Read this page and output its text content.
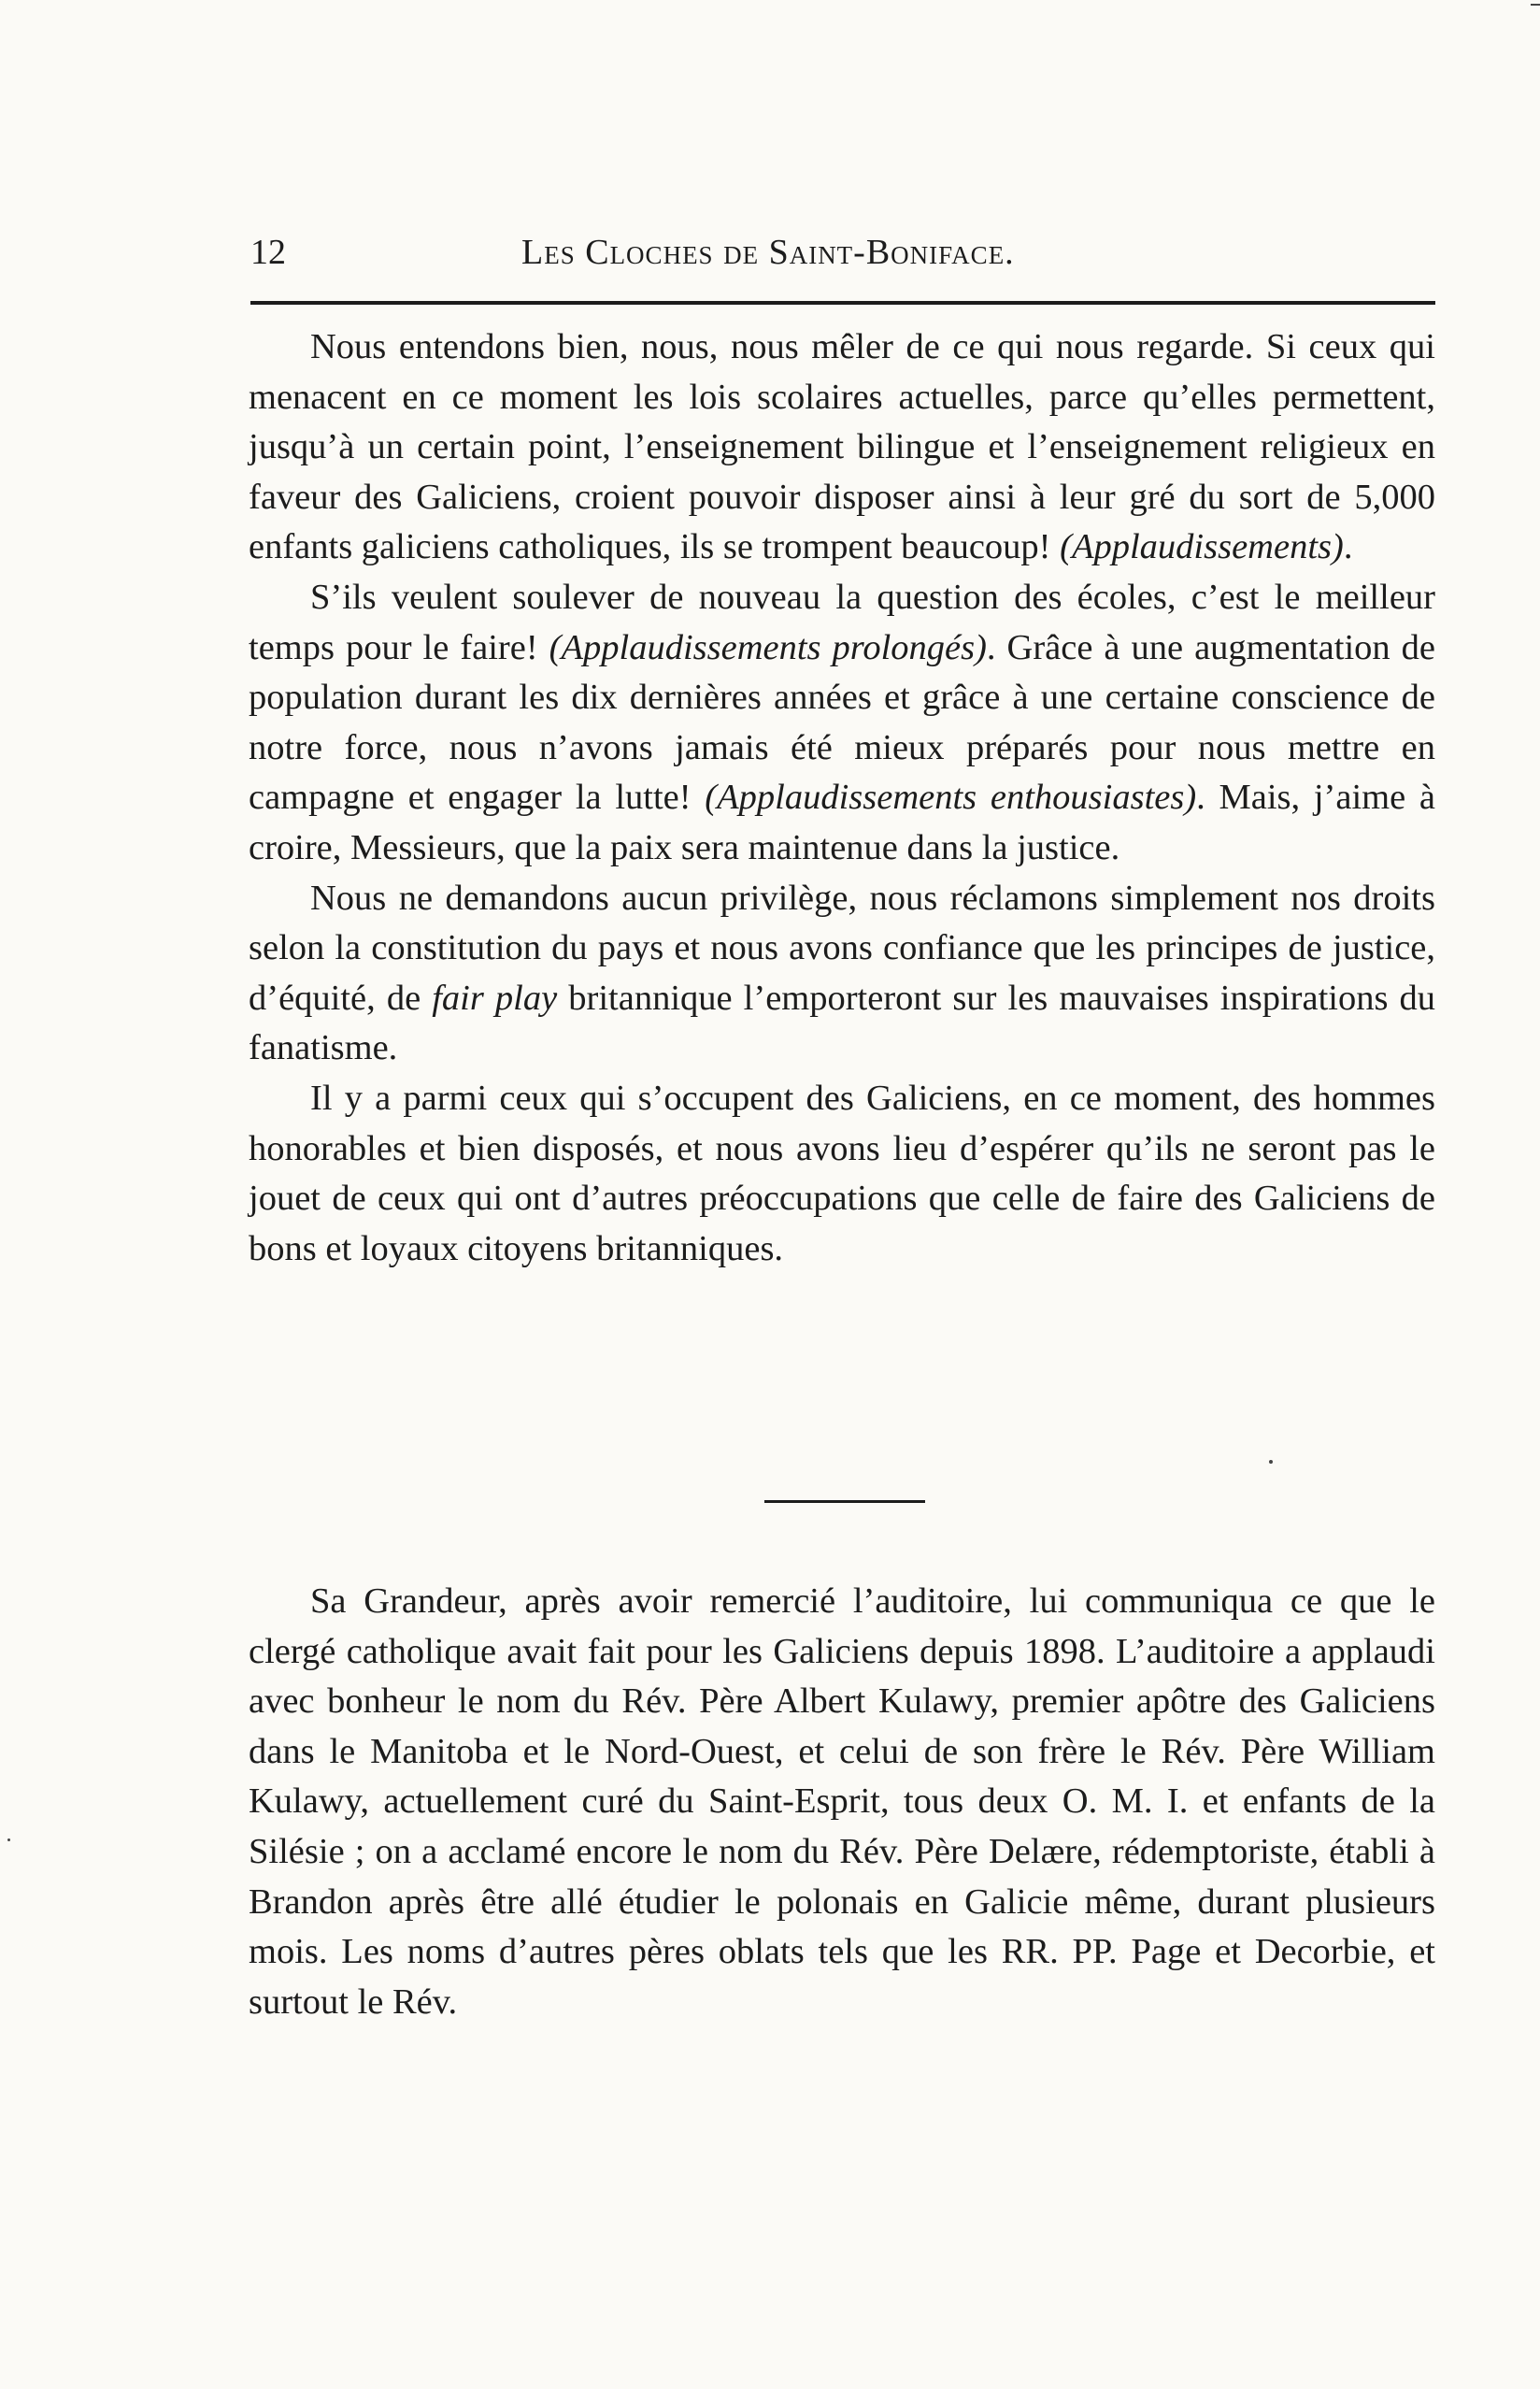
12	Les Cloches de Saint-Boniface.

Nous entendons bien, nous, nous mêler de ce qui nous regarde. Si ceux qui menacent en ce moment les lois scolaires actuelles, parce qu’elles permettent, jusqu’à un certain point, l’enseignement bilingue et l’enseignement religieux en faveur des Galiciens, croient pouvoir disposer ainsi à leur gré du sort de 5,000 enfants galiciens catholiques, ils se trompent beaucoup! (Applaudissements).

S’ils veulent soulever de nouveau la question des écoles, c’est le meilleur temps pour le faire! (Applaudissements prolongés). Grâce à une augmentation de population durant les dix dernières années et grâce à une certaine conscience de notre force, nous n’avons jamais été mieux préparés pour nous mettre en campagne et engager la lutte! (Applaudissements enthousiastes). Mais, j’aime à croire, Messieurs, que la paix sera maintenue dans la justice.

Nous ne demandons aucun privilège, nous réclamons simplement nos droits selon la constitution du pays et nous avons confiance que les principes de justice, d’équité, de fair play britannique l’emporteront sur les mauvaises inspirations du fanatisme.

Il y a parmi ceux qui s’occupent des Galiciens, en ce moment, des hommes honorables et bien disposés, et nous avons lieu d’espérer qu’ils ne seront pas le jouet de ceux qui ont d’autres préoccupations que celle de faire des Galiciens de bons et loyaux citoyens britanniques.

Sa Grandeur, après avoir remercié l’auditoire, lui communiqua ce que le clergé catholique avait fait pour les Galiciens depuis 1898. L’auditoire a applaudi avec bonheur le nom du Rév. Père Albert Kulawy, premier apôtre des Galiciens dans le Manitoba et le Nord-Ouest, et celui de son frère le Rév. Père William Kulawy, actuellement curé du Saint-Esprit, tous deux O. M. I. et enfants de la Silésie ; on a acclamé encore le nom du Rév. Père Delære, rédemptoriste, établi à Brandon après être allé étudier le polonais en Galicie même, durant plusieurs mois. Les noms d’autres pères oblats tels que les RR. PP. Page et Decorbie, et surtout le Rév.
